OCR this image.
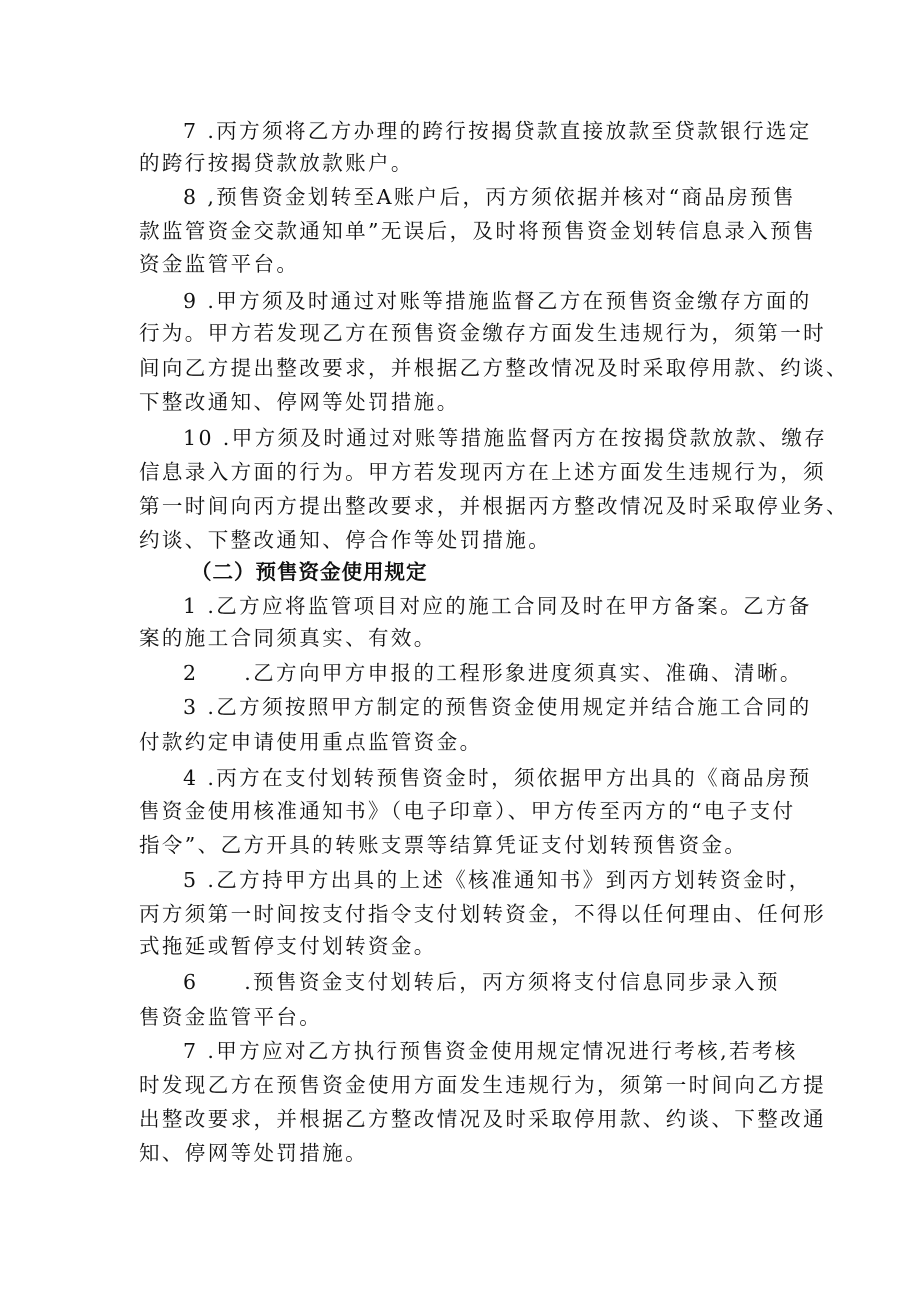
7 .丙方须将乙方办理的跨行按揭贷款直接放款至贷款银行选定
的跨行按揭贷款放款账户。
8 ,预售资金划转至A账户后，丙方须依据并核对“商品房预售
款监管资金交款通知单”无误后，及时将预售资金划转信息录入预售
资金监管平台。
9 .甲方须及时通过对账等措施监督乙方在预售资金缴存方面的
行为。甲方若发现乙方在预售资金缴存方面发生违规行为，须第一时
间向乙方提出整改要求，并根据乙方整改情况及时采取停用款、约谈、
下整改通知、停网等处罚措施。
10 .甲方须及时通过对账等措施监督丙方在按揭贷款放款、缴存
信息录入方面的行为。甲方若发现丙方在上述方面发生违规行为，须
第一时间向丙方提出整改要求，并根据丙方整改情况及时采取停业务、
约谈、下整改通知、停合作等处罚措施。
（二）预售资金使用规定
1 .乙方应将监管项目对应的施工合同及时在甲方备案。乙方备
案的施工合同须真实、有效。
2　　.乙方向甲方申报的工程形象进度须真实、准确、清晰。
3 .乙方须按照甲方制定的预售资金使用规定并结合施工合同的
付款约定申请使用重点监管资金。
4 .丙方在支付划转预售资金时，须依据甲方出具的《商品房预
售资金使用核准通知书》（电子印章）、甲方传至丙方的“电子支付
指令”、乙方开具的转账支票等结算凭证支付划转预售资金。
5 .乙方持甲方出具的上述《核准通知书》到丙方划转资金时，
丙方须第一时间按支付指令支付划转资金，不得以任何理由、任何形
式拖延或暂停支付划转资金。
6　　.预售资金支付划转后，丙方须将支付信息同步录入预
售资金监管平台。
7 .甲方应对乙方执行预售资金使用规定情况进行考核,若考核
时发现乙方在预售资金使用方面发生违规行为，须第一时间向乙方提
出整改要求，并根据乙方整改情况及时采取停用款、约谈、下整改通
知、停网等处罚措施。
